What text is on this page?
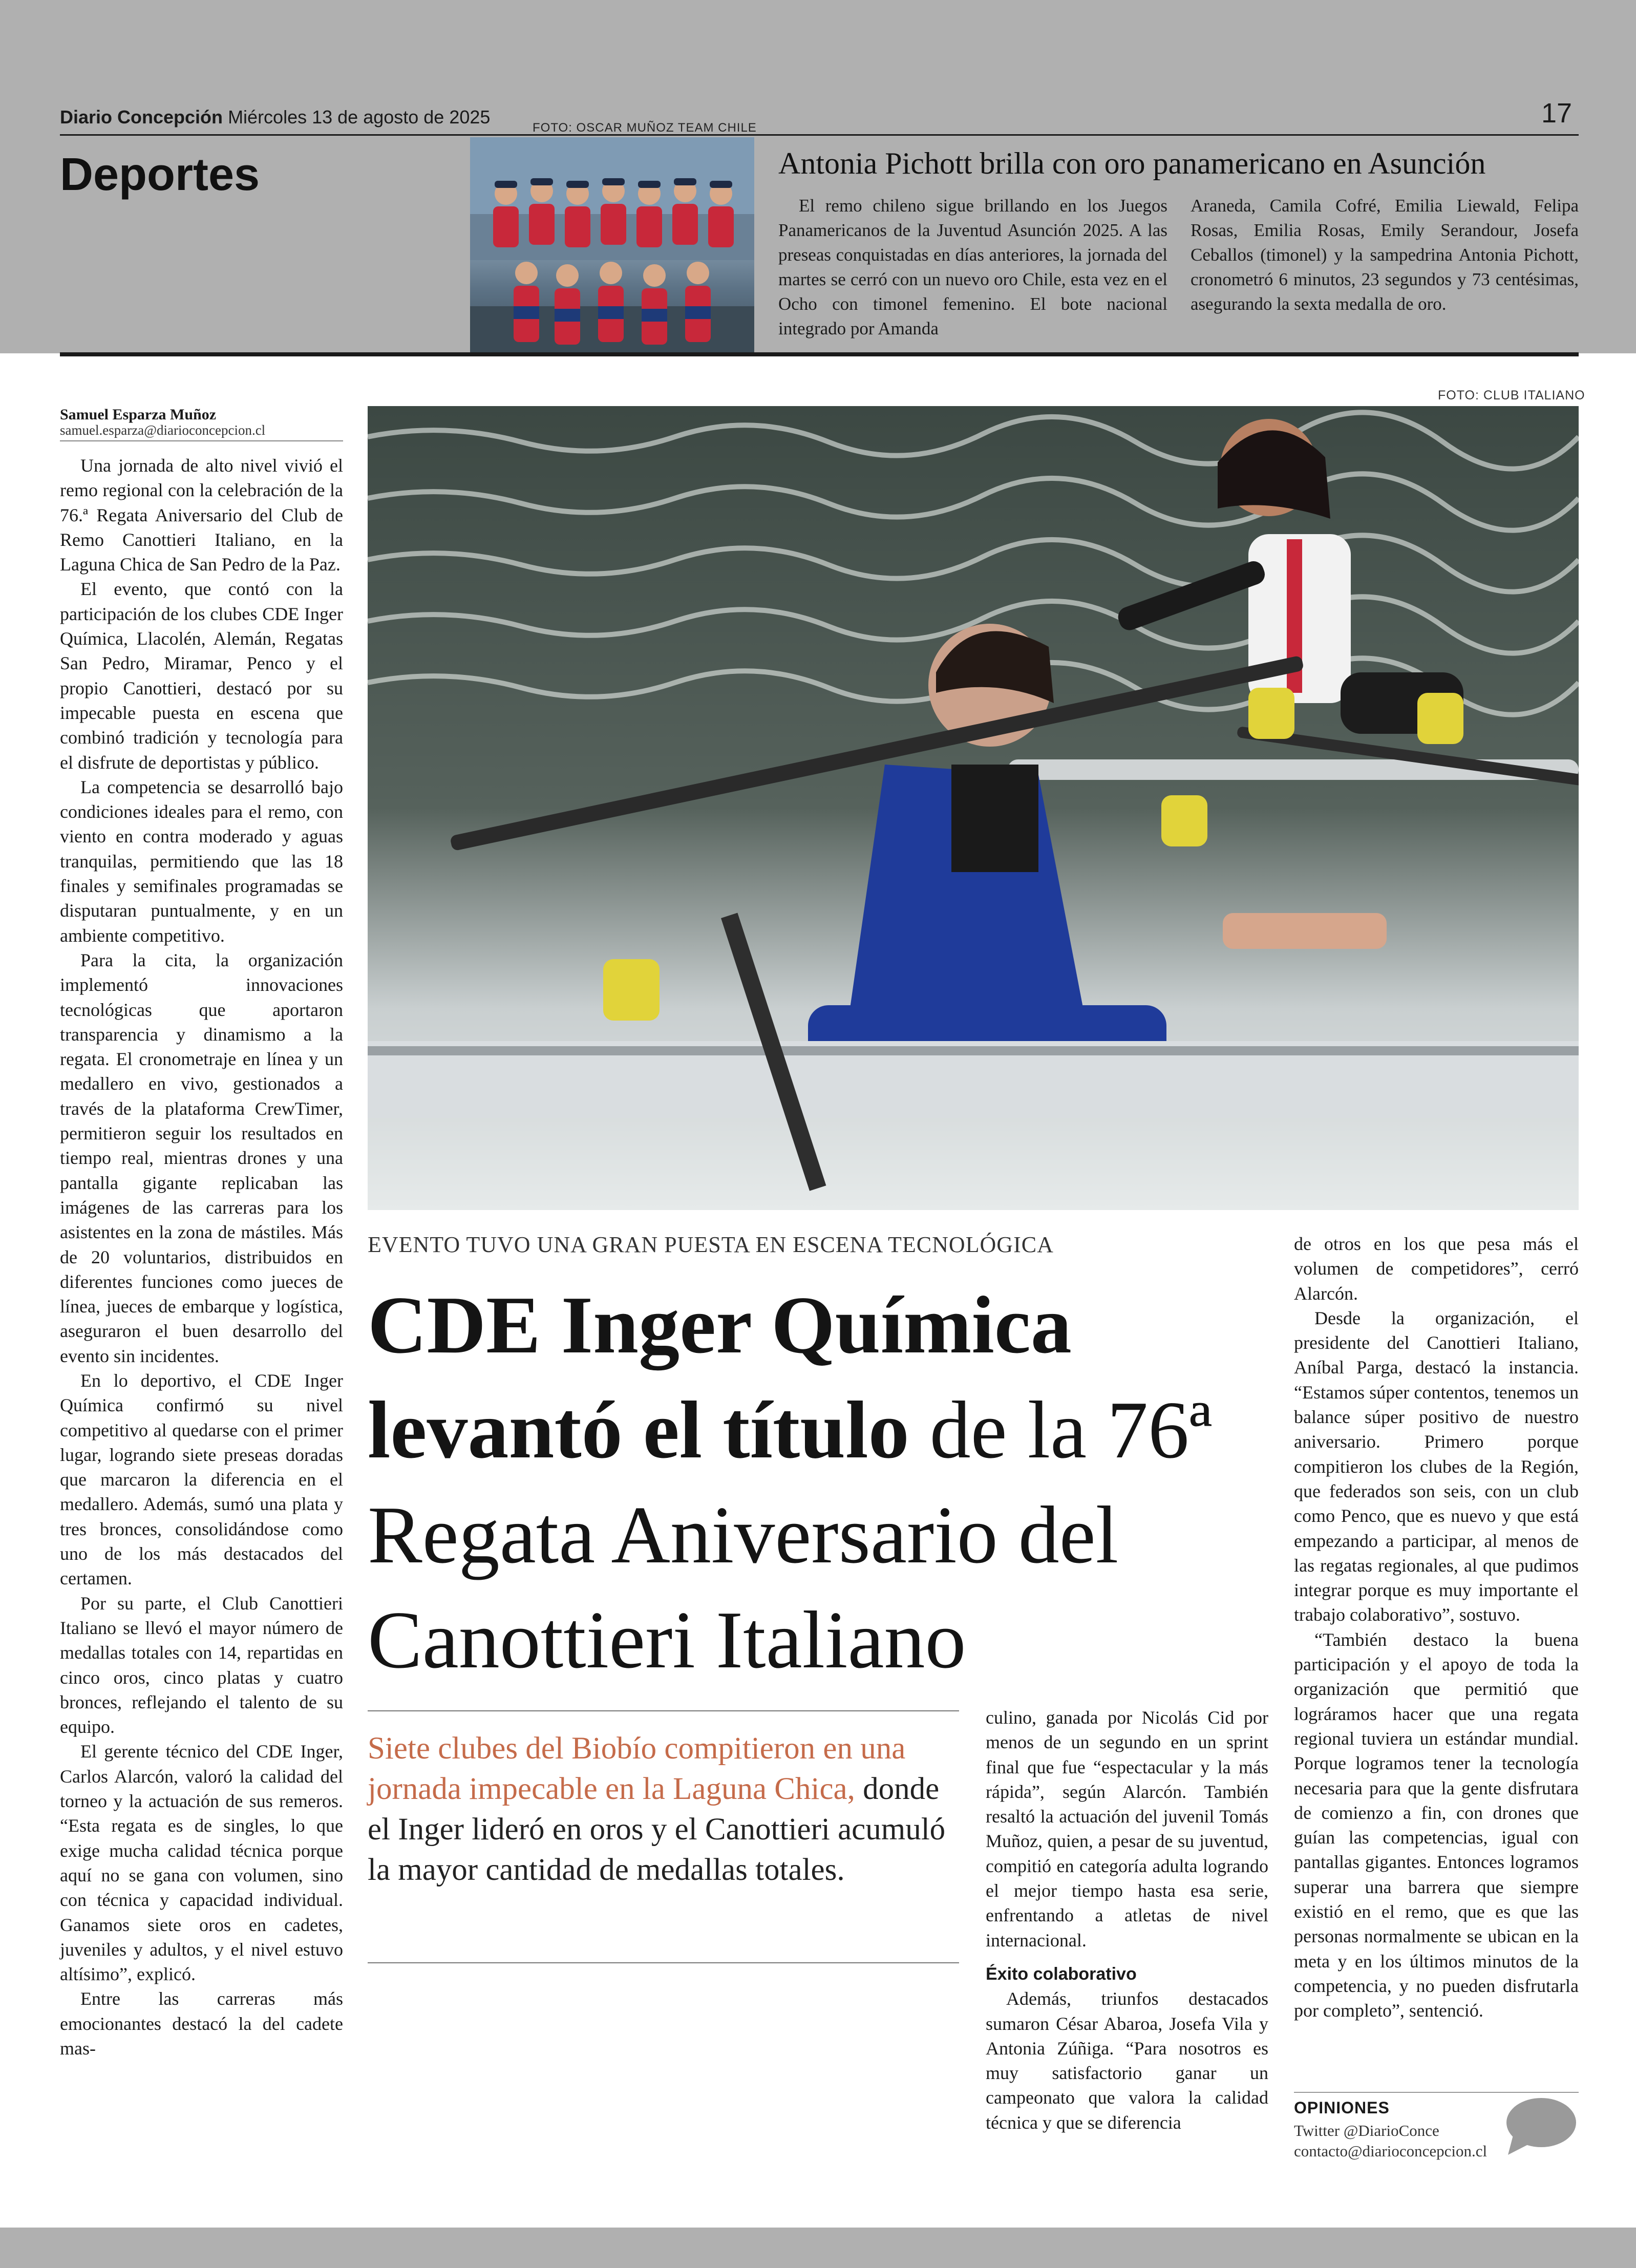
Diario Concepción Miércoles 13 de agosto de 2025	17
Deportes
FOTO: OSCAR MUÑOZ TEAM CHILE
Antonia Pichott brilla con oro panamericano en Asunción
El remo chileno sigue brillando en los Juegos Panamericanos de la Juventud Asunción 2025. A las preseas conquistadas en días anteriores, la jornada del martes se cerró con un nuevo oro Chile, esta vez en el Ocho con timonel femenino. El bote nacional integrado por Amanda
Araneda, Camila Cofré, Emilia Liewald, Felipa Rosas, Emilia Rosas, Emily Serandour, Josefa Ceballos (timonel) y la sampedrina Antonia Pichott, cronometró 6 minutos, 23 segundos y 73 centésimas, asegurando la sexta medalla de oro.
FOTO: CLUB ITALIANO
Samuel Esparza Muñoz
samuel.esparza@diarioconcepcion.cl

Una jornada de alto nivel vivió el remo regional con la celebración de la 76.ª Regata Aniversario del Club de Remo Canottieri Italiano, en la Laguna Chica de San Pedro de la Paz.

El evento, que contó con la participación de los clubes CDE Inger Química, Llacolén, Alemán, Regatas San Pedro, Miramar, Penco y el propio Canottieri, destacó por su impecable puesta en escena que combinó tradición y tecnología para el disfrute de deportistas y público.

La competencia se desarrolló bajo condiciones ideales para el remo, con viento en contra moderado y aguas tranquilas, permitiendo que las 18 finales y semifinales programadas se disputaran puntualmente, y en un ambiente competitivo.

Para la cita, la organización implementó innovaciones tecnológicas que aportaron transparencia y dinamismo a la regata. El cronometraje en línea y un medallero en vivo, gestionados a través de la plataforma CrewTimer, permitieron seguir los resultados en tiempo real, mientras drones y una pantalla gigante replicaban las imágenes de las carreras para los asistentes en la zona de mástiles. Más de 20 voluntarios, distribuidos en diferentes funciones como jueces de línea, jueces de embarque y logística, aseguraron el buen desarrollo del evento sin incidentes.

En lo deportivo, el CDE Inger Química confirmó su nivel competitivo al quedarse con el primer lugar, logrando siete preseas doradas que marcaron la diferencia en el medallero. Además, sumó una plata y tres bronces, consolidándose como uno de los más destacados del certamen.

Por su parte, el Club Canottieri Italiano se llevó el mayor número de medallas totales con 14, repartidas en cinco oros, cinco platas y cuatro bronces, reflejando el talento de su equipo.

El gerente técnico del CDE Inger, Carlos Alarcón, valoró la calidad del torneo y la actuación de sus remeros. “Esta regata es de singles, lo que exige mucha calidad técnica porque aquí no se gana con volumen, sino con técnica y capacidad individual. Ganamos siete oros en cadetes, juveniles y adultos, y el nivel estuvo altísimo”, explicó.

Entre las carreras más emocionantes destacó la del cadete mas-

EVENTO TUVO UNA GRAN PUESTA EN ESCENA TECNOLÓGICA
CDE Inger Química levantó el título de la 76ª Regata Aniversario del Canottieri Italiano
Siete clubes del Biobío compitieron en una jornada impecable en la Laguna Chica, donde el Inger lideró en oros y el Canottieri acumuló la mayor cantidad de medallas totales.

culino, ganada por Nicolás Cid por menos de un segundo en un sprint final que fue “espectacular y la más rápida”, según Alarcón. También resaltó la actuación del juvenil Tomás Muñoz, quien, a pesar de su juventud, compitió en categoría adulta logrando el mejor tiempo hasta esa serie, enfrentando a atletas de nivel internacional.

Éxito colaborativo

Además, triunfos destacados sumaron César Abaroa, Josefa Vila y Antonia Zúñiga. “Para nosotros es muy satisfactorio ganar un campeonato que valora la calidad técnica y que se diferencia

de otros en los que pesa más el volumen de competidores”, cerró Alarcón.

Desde la organización, el presidente del Canottieri Italiano, Aníbal Parga, destacó la instancia. “Estamos súper contentos, tenemos un balance súper positivo de nuestro aniversario. Primero porque compitieron los clubes de la Región, que federados son seis, con un club como Penco, que es nuevo y que está empezando a participar, al menos de las regatas regionales, al que pudimos integrar porque es muy importante el trabajo colaborativo”, sostuvo.

“También destaco la buena participación y el apoyo de toda la organización que permitió que lográramos hacer que una regata regional tuviera un estándar mundial. Porque logramos tener la tecnología necesaria para que la gente disfrutara de comienzo a fin, con drones que guían las competencias, igual con pantallas gigantes. Entonces logramos superar una barrera que siempre existió en el remo, que es que las personas normalmente se ubican en la meta y en los últimos minutos de la competencia, y no pueden disfrutarla por completo”, sentenció.

OPINIONES
Twitter @DiarioConce
contacto@diarioconcepcion.cl
